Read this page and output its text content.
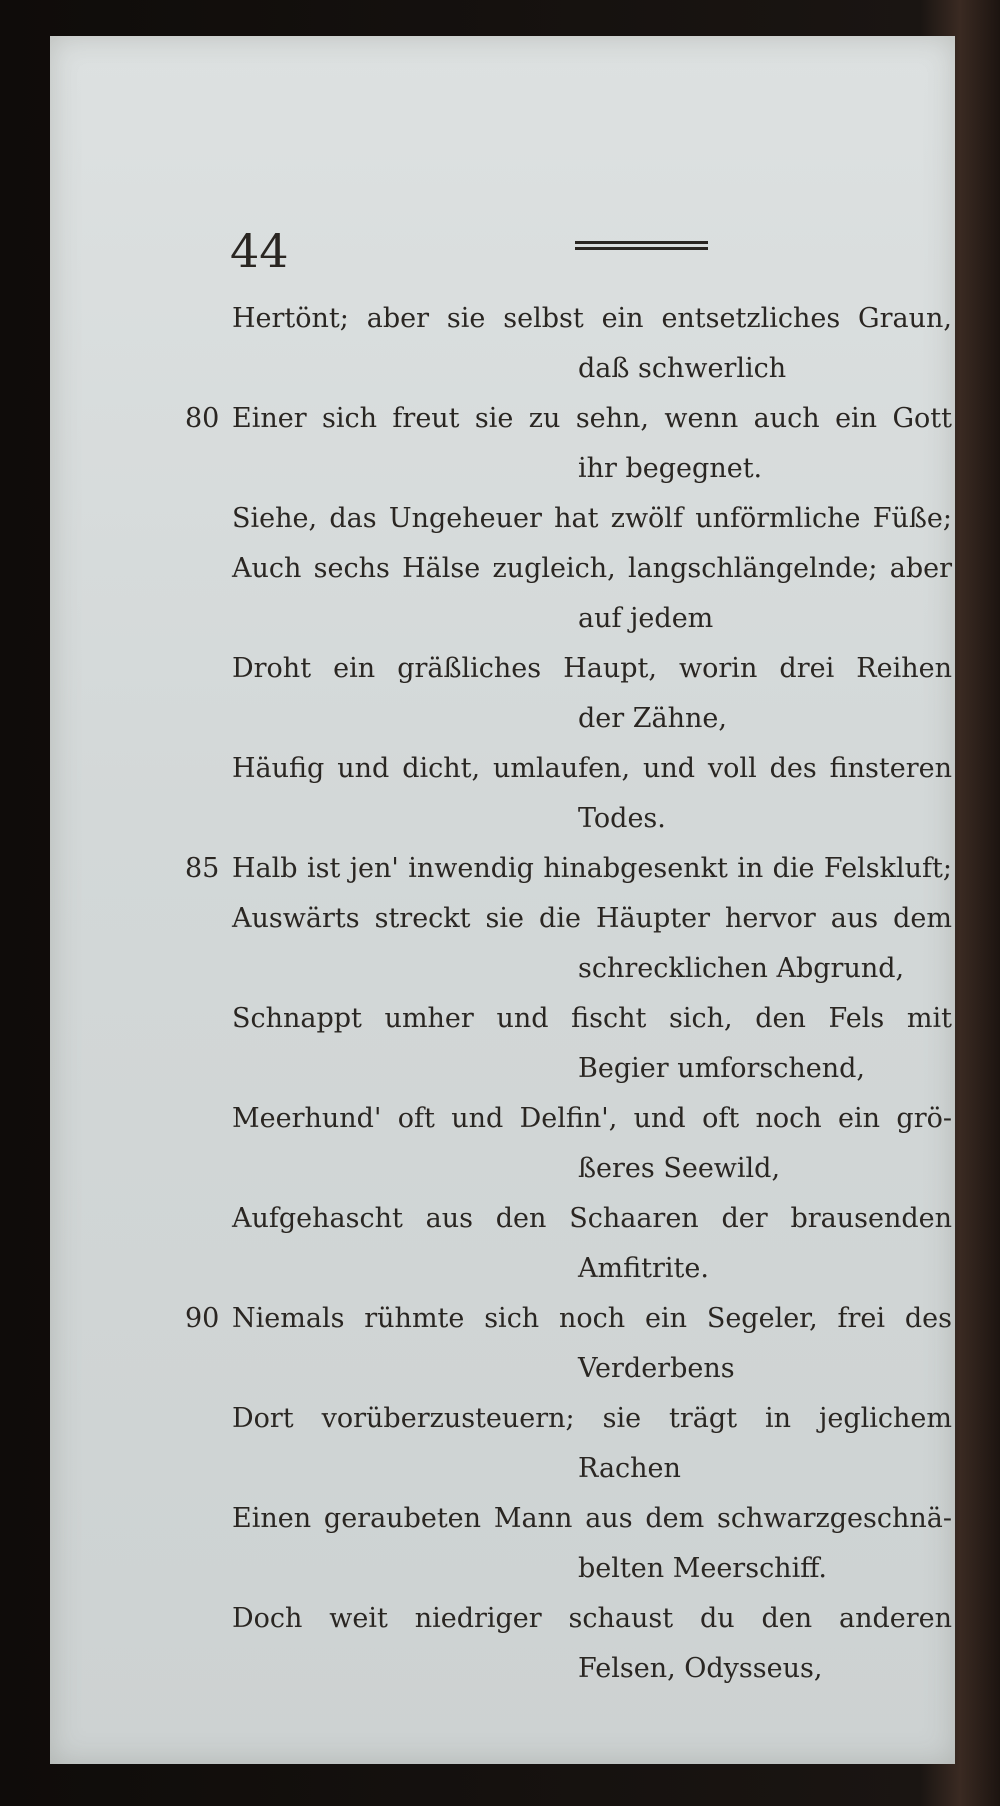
44
Hertönt; aber sie selbst ein entsetzliches Graun,
daß schwerlich
80 Einer sich freut sie zu sehn, wenn auch ein Gott
ihr begegnet.
Siehe, das Ungeheuer hat zwölf unförmliche Füße;
Auch sechs Hälse zugleich, langschlängelnde; aber
auf jedem
Droht ein gräßliches Haupt, worin drei Reihen
der Zähne,
Häufig und dicht, umlaufen, und voll des finsteren
Todes.
85 Halb ist jen' inwendig hinabgesenkt in die Felskluft;
Auswärts streckt sie die Häupter hervor aus dem
schrecklichen Abgrund,
Schnappt umher und fischt sich, den Fels mit
Begier umforschend,
Meerhund' oft und Delfin', und oft noch ein grö-
ßeres Seewild,
Aufgehascht aus den Schaaren der brausenden
Amfitrite.
90 Niemals rühmte sich noch ein Segeler, frei des
Verderbens
Dort vorüberzusteuern; sie trägt in jeglichem
Rachen
Einen geraubeten Mann aus dem schwarzgeschnä-
belten Meerschiff.
Doch weit niedriger schaust du den anderen
Felsen, Odysseus,
